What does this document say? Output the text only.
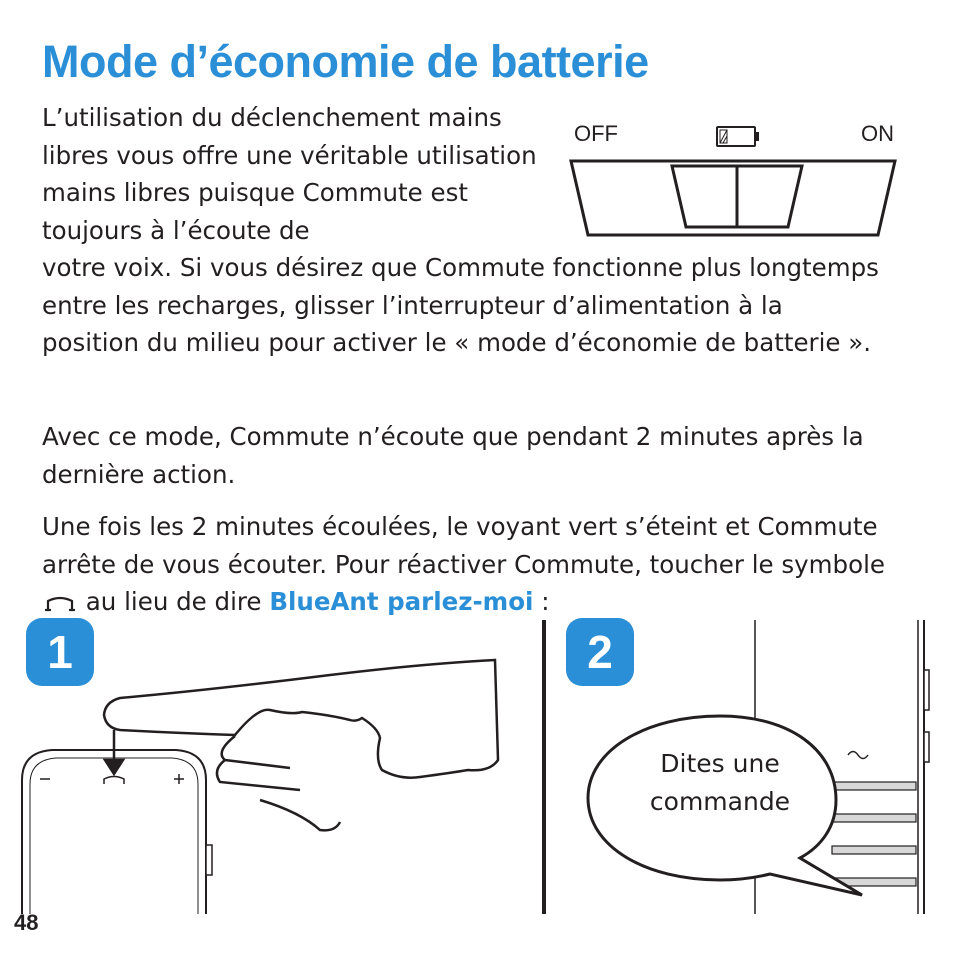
Mode d’économie de batterie
L’utilisation du déclenchement mains libres vous offre une véritable utilisation mains libres puisque Commute est toujours à l’écoute de
votre voix. Si vous désirez que Commute fonctionne plus longtemps entre les recharges, glisser l’interrupteur d’alimentation à la position du milieu pour activer le « mode d’économie de batterie ».
OFF	ON

Avec ce mode, Commute n’écoute que pendant 2 minutes après la dernière action.

Une fois les 2 minutes écoulées, le voyant vert s’éteint et Commute arrête de vous écouter. Pour réactiver Commute, toucher le symbole  au lieu de dire BlueAnt parlez-moi :

Dites une commande
1	2
48
